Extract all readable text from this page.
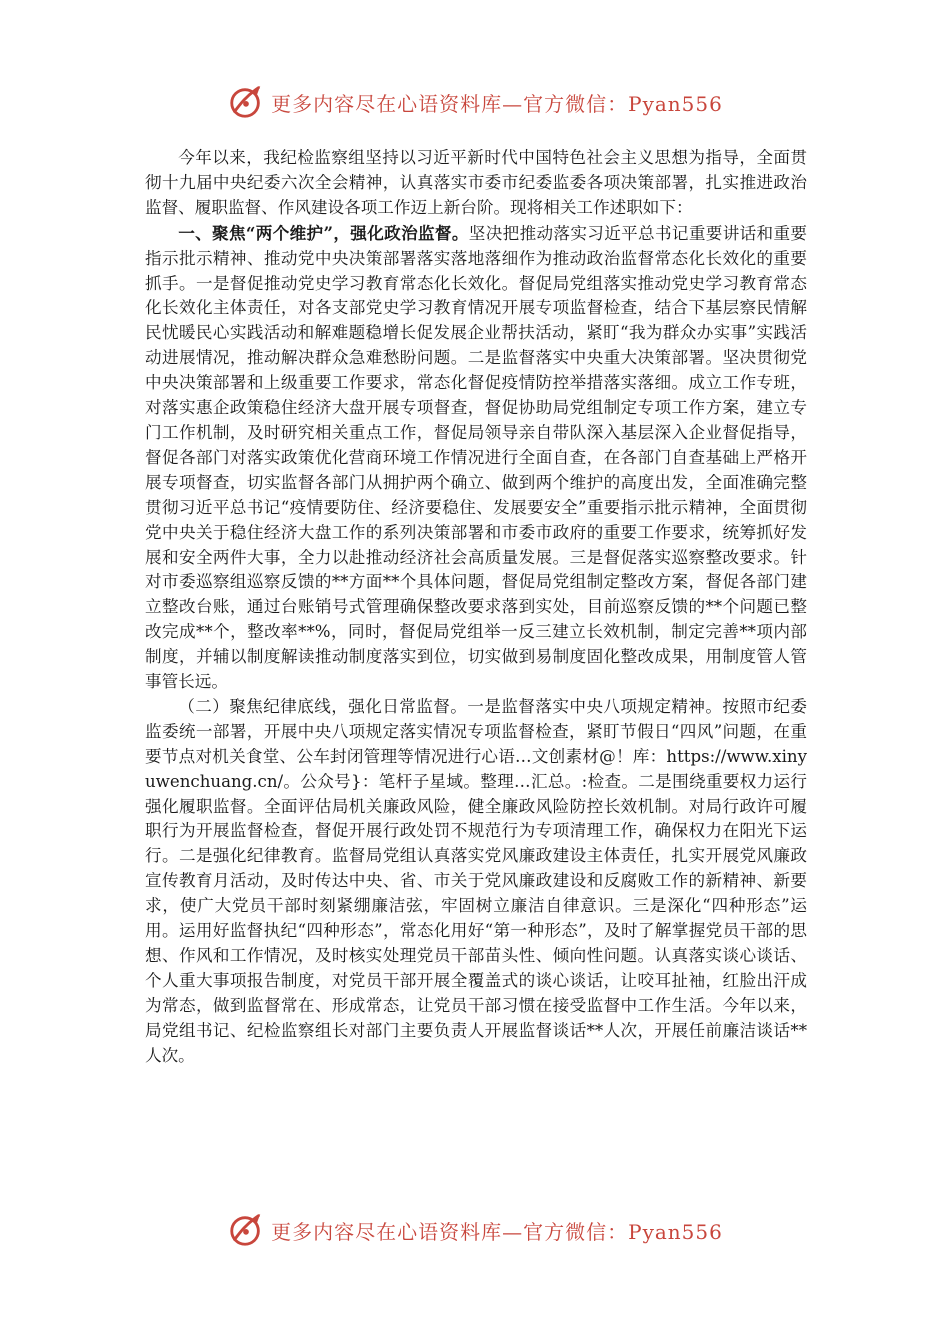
更多内容尽在心语资料库—官方微信：Pyan556

今年以来，我纪检监察组坚持以习近平新时代中国特色社会主义思想为指导，全面贯彻十九届中央纪委六次全会精神，认真落实市委市纪委监委各项决策部署，扎实推进政治监督、履职监督、作风建设各项工作迈上新台阶。现将相关工作述职如下：

一、聚焦“两个维护”，强化政治监督。坚决把推动落实习近平总书记重要讲话和重要指示批示精神、推动党中央决策部署落实落地落细作为推动政治监督常态化长效化的重要抓手。一是督促推动党史学习教育常态化长效化。督促局党组落实推动党史学习教育常态化长效化主体责任，对各支部党史学习教育情况开展专项监督检查，结合下基层察民情解民忧暖民心实践活动和解难题稳增长促发展企业帮扶活动，紧盯“我为群众办实事”实践活动进展情况，推动解决群众急难愁盼问题。二是监督落实中央重大决策部署。坚决贯彻党中央决策部署和上级重要工作要求，常态化督促疫情防控举措落实落细。成立工作专班，对落实惠企政策稳住经济大盘开展专项督查，督促协助局党组制定专项工作方案，建立专门工作机制，及时研究相关重点工作，督促局领导亲自带队深入基层深入企业督促指导，督促各部门对落实政策优化营商环境工作情况进行全面自查，在各部门自查基础上严格开展专项督查，切实监督各部门从拥护两个确立、做到两个维护的高度出发，全面准确完整贯彻习近平总书记“疫情要防住、经济要稳住、发展要安全”重要指示批示精神，全面贯彻党中央关于稳住经济大盘工作的系列决策部署和市委市政府的重要工作要求，统筹抓好发展和安全两件大事，全力以赴推动经济社会高质量发展。三是督促落实巡察整改要求。针对市委巡察组巡察反馈的**方面**个具体问题，督促局党组制定整改方案，督促各部门建立整改台账，通过台账销号式管理确保整改要求落到实处，目前巡察反馈的**个问题已整改完成**个，整改率**%，同时，督促局党组举一反三建立长效机制，制定完善**项内部制度，并辅以制度解读推动制度落实到位，切实做到易制度固化整改成果，用制度管人管事管长远。

（二）聚焦纪律底线，强化日常监督。一是监督落实中央八项规定精神。按照市纪委监委统一部署，开展中央八项规定落实情况专项监督检查，紧盯节假日“四风”问题，在重要节点对机关食堂、公车封闭管理等情况进行心语…文创素材@！库：https://www.xinyuwenchuang.cn/。公众号}：笔杆子星域。整理…汇总。:检查。二是围绕重要权力运行强化履职监督。全面评估局机关廉政风险，健全廉政风险防控长效机制。对局行政许可履职行为开展监督检查，督促开展行政处罚不规范行为专项清理工作，确保权力在阳光下运行。二是强化纪律教育。监督局党组认真落实党风廉政建设主体责任，扎实开展党风廉政宣传教育月活动，及时传达中央、省、市关于党风廉政建设和反腐败工作的新精神、新要求，使广大党员干部时刻紧绷廉洁弦，牢固树立廉洁自律意识。三是深化“四种形态”运用。运用好监督执纪“四种形态”，常态化用好“第一种形态”，及时了解掌握党员干部的思想、作风和工作情况，及时核实处理党员干部苗头性、倾向性问题。认真落实谈心谈话、个人重大事项报告制度，对党员干部开展全覆盖式的谈心谈话，让咬耳扯袖，红脸出汗成为常态，做到监督常在、形成常态，让党员干部习惯在接受监督中工作生活。今年以来，局党组书记、纪检监察组长对部门主要负责人开展监督谈话**人次，开展任前廉洁谈话**人次。

更多内容尽在心语资料库—官方微信：Pyan556
